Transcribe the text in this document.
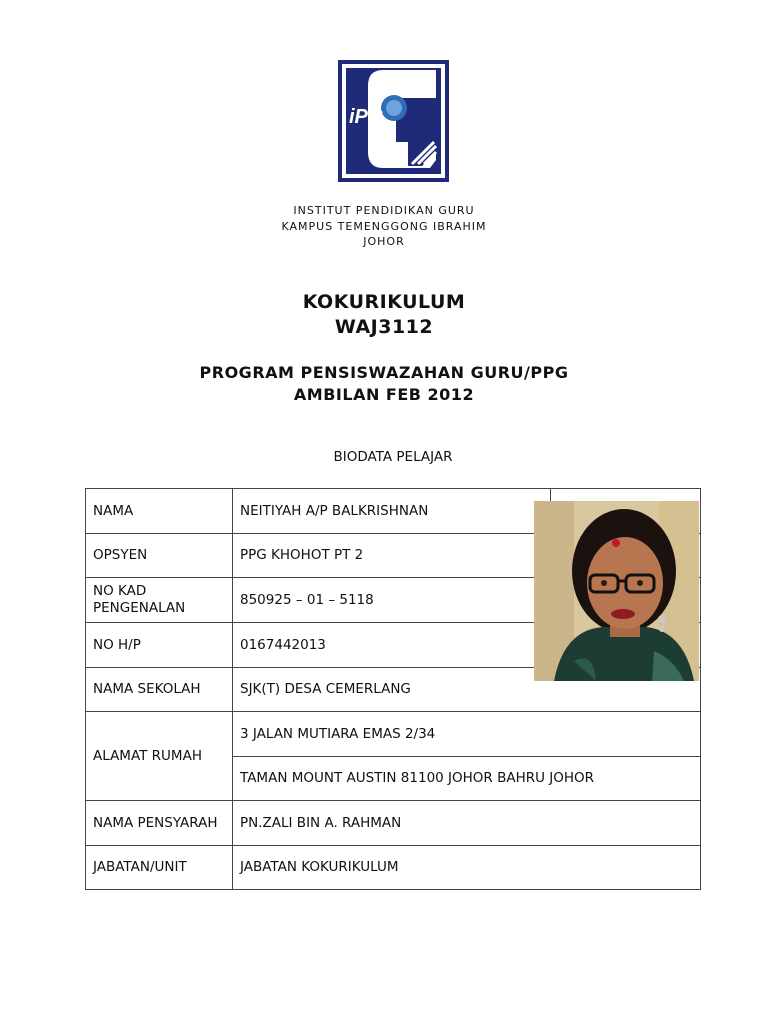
iPG
INSTITUT PENDIDIKAN GURU
KAMPUS TEMENGGONG IBRAHIM
JOHOR
KOKURIKULUM
WAJ3112
PROGRAM PENSISWAZAHAN GURU/PPG
AMBILAN FEB 2012
BIODATA PELAJAR
NAMA	NEITIYAH A/P BALKRISHNAN	
OPSYEN	PPG KHOHOT PT 2	
NO KAD PENGENALAN	850925 – 01 – 5118	
NO H/P	0167442013	
NAMA SEKOLAH	SJK(T) DESA CEMERLANG	
ALAMAT RUMAH	3 JALAN MUTIARA EMAS 2/34	
	TAMAN MOUNT AUSTIN 81100 JOHOR BAHRU JOHOR	
NAMA PENSYARAH	PN.ZALI BIN A. RAHMAN	
JABATAN/UNIT	JABATAN KOKURIKULUM	
